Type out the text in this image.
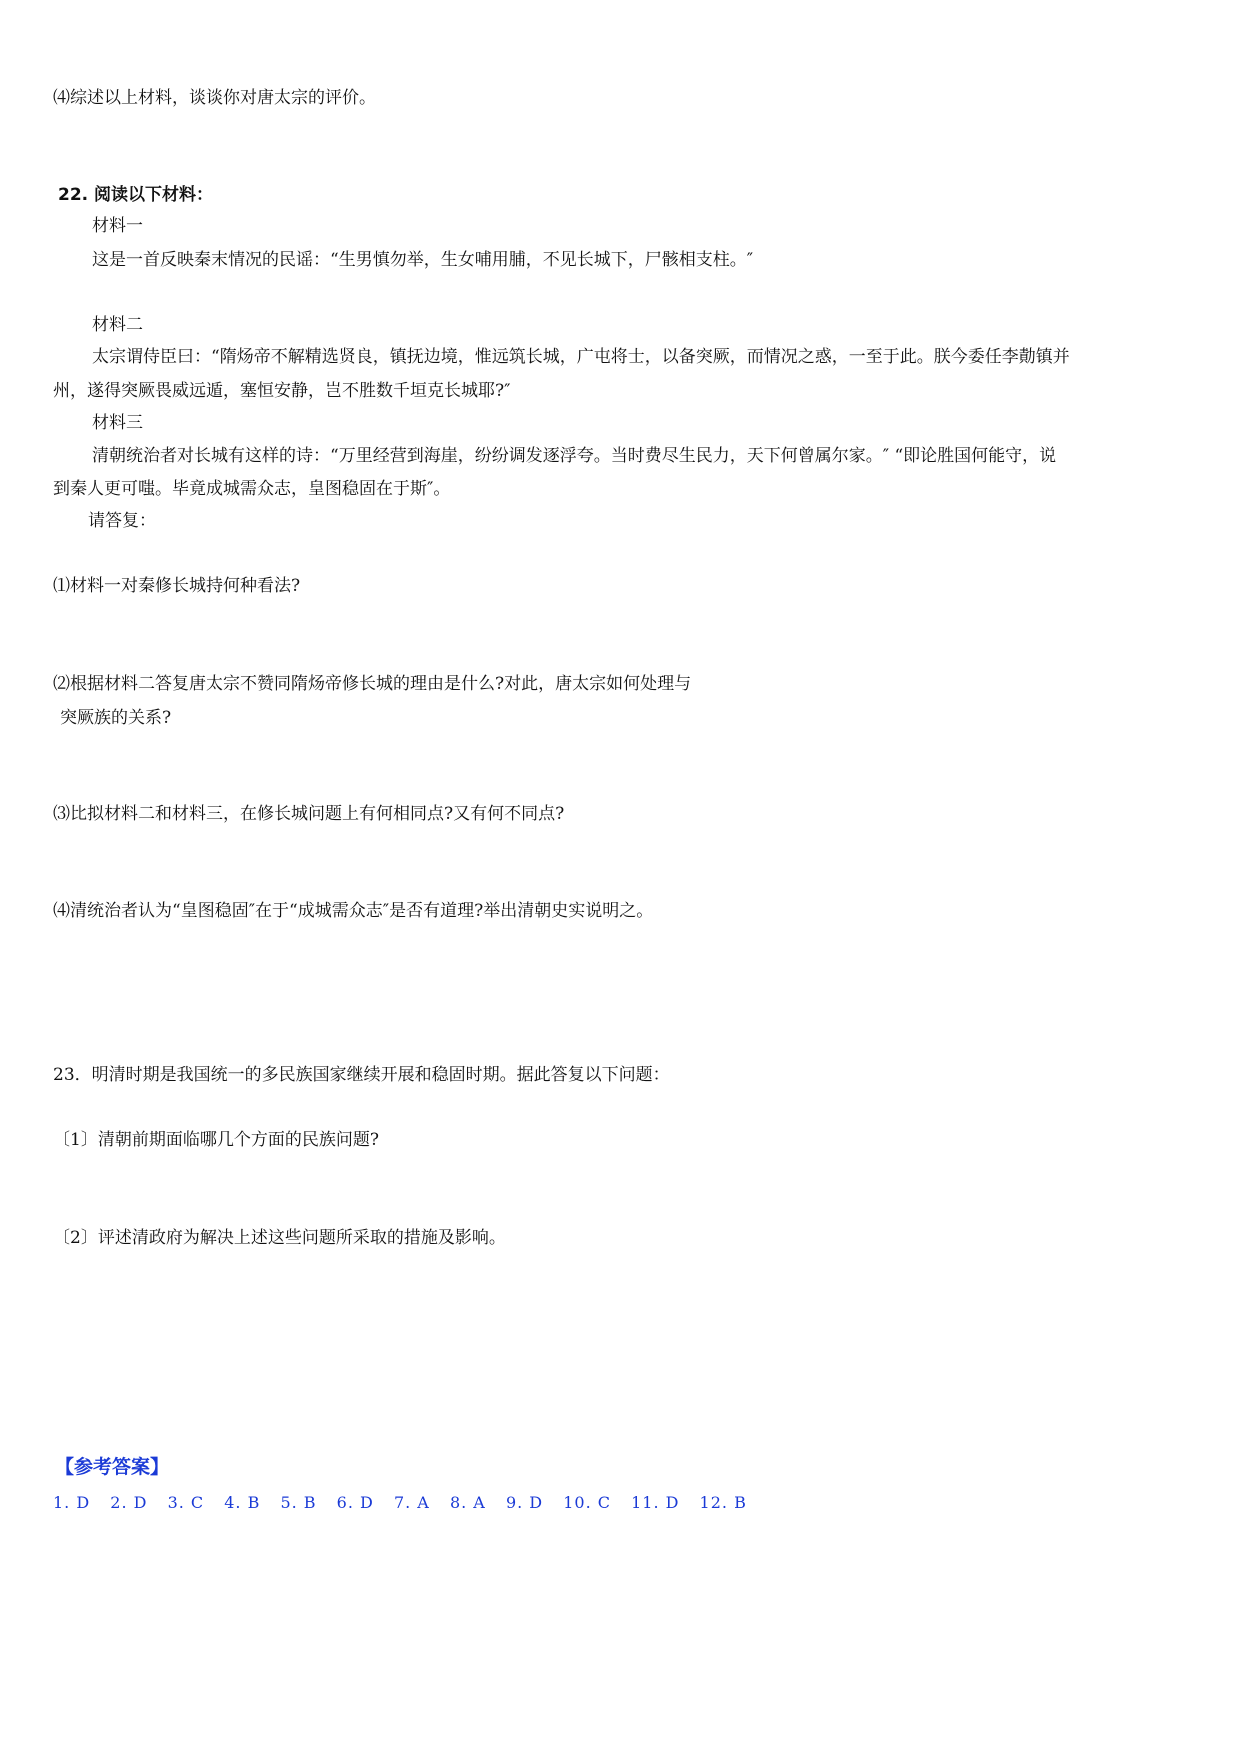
⑷综述以上材料，谈谈你对唐太宗的评价。
22. 阅读以下材料：
材料一
这是一首反映秦末情况的民谣：“生男慎勿举，生女哺用脯，不见长城下，尸骸相支柱。″
材料二
太宗谓侍臣曰：“隋炀帝不解精选贤良，镇抚边境，惟远筑长城，广屯将士，以备突厥，而情况之惑，一至于此。朕今委任李勣镇并
州，遂得突厥畏威远遁，塞恒安静，岂不胜数千垣克长城耶?″
材料三
清朝统治者对长城有这样的诗：“万里经营到海崖，纷纷调发逐浮夸。当时费尽生民力，天下何曾属尔家。″ “即论胜国何能守，说
到秦人更可嗤。毕竟成城需众志，皇图稳固在于斯″。
请答复：
⑴材料一对秦修长城持何种看法?
⑵根据材料二答复唐太宗不赞同隋炀帝修长城的理由是什么?对此，唐太宗如何处理与
突厥族的关系?
⑶比拟材料二和材料三，在修长城问题上有何相同点?又有何不同点?
⑷清统治者认为“皇图稳固″在于“成城需众志″是否有道理?举出清朝史实说明之。
23．明清时期是我国统一的多民族国家继续开展和稳固时期。据此答复以下问题：
〔1〕清朝前期面临哪几个方面的民族问题?
〔2〕评述清政府为解决上述这些问题所采取的措施及影响。
【参考答案】
1. D 2. D 3. C 4. B 5. B 6. D 7. A 8. A 9. D 10. C 11. D 12. B
